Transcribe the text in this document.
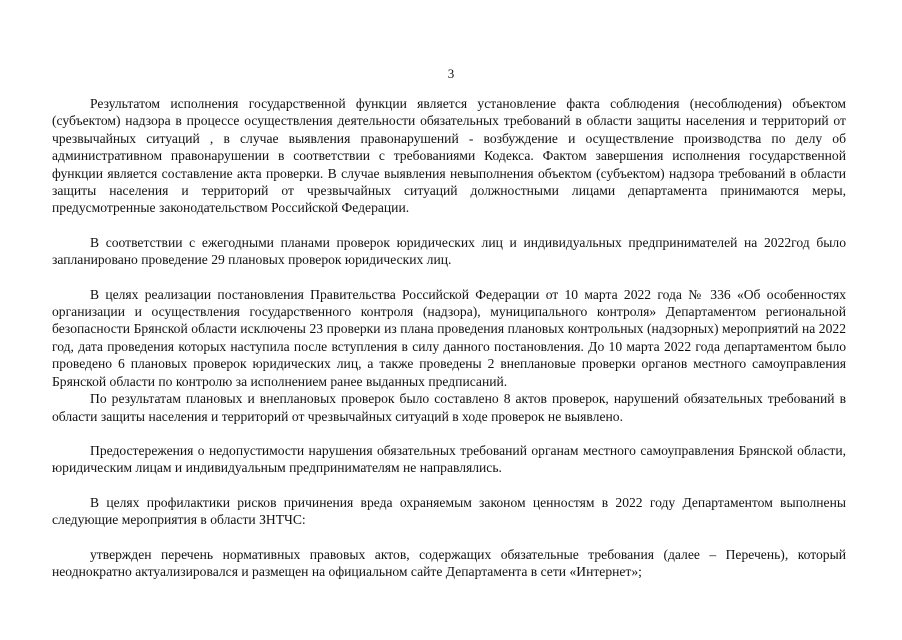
3

Результатом исполнения государственной функции является установление факта соблюдения (несоблюдения) объектом (субъектом) надзора в процессе осуществления деятельности обязательных требований в области защиты населения и территорий от чрезвычайных ситуаций , в случае выявления правонарушений - возбуждение и осуществление производства по делу об административном правонарушении в соответствии с требованиями Кодекса. Фактом завершения исполнения государственной функции является составление акта проверки. В случае выявления невыполнения объектом (субъектом) надзора требований в области защиты населения и территорий от чрезвычайных ситуаций должностными лицами департамента принимаются меры, предусмотренные законодательством Российской Федерации.

В соответствии с ежегодными планами проверок юридических лиц и индивидуальных предпринимателей на 2022год было запланировано проведение 29 плановых проверок юридических лиц.

В целях реализации постановления Правительства Российской Федерации от 10 марта 2022 года № 336 «Об особенностях организации и осуществления государственного контроля (надзора), муниципального контроля» Департаментом региональной безопасности Брянской области исключены 23 проверки из плана проведения плановых контрольных (надзорных) мероприятий на 2022 год, дата проведения которых наступила после вступления в силу данного постановления. До 10 марта 2022 года департаментом было проведено 6 плановых проверок юридических лиц, а также проведены 2 внеплановые проверки органов местного самоуправления Брянской области по контролю за исполнением ранее выданных предписаний.

По результатам плановых и внеплановых проверок было составлено 8 актов проверок, нарушений обязательных требований в области защиты населения и территорий от чрезвычайных ситуаций в ходе проверок не выявлено.

Предостережения о недопустимости нарушения обязательных требований органам местного самоуправления Брянской области, юридическим лицам и индивидуальным предпринимателям не направлялись.

В целях профилактики рисков причинения вреда охраняемым законом ценностям в 2022 году Департаментом выполнены следующие мероприятия в области ЗНТЧС:

утвержден перечень нормативных правовых актов, содержащих обязательные требования (далее – Перечень), который неоднократно актуализировался и размещен на официальном сайте Департамента в сети «Интернет»;
